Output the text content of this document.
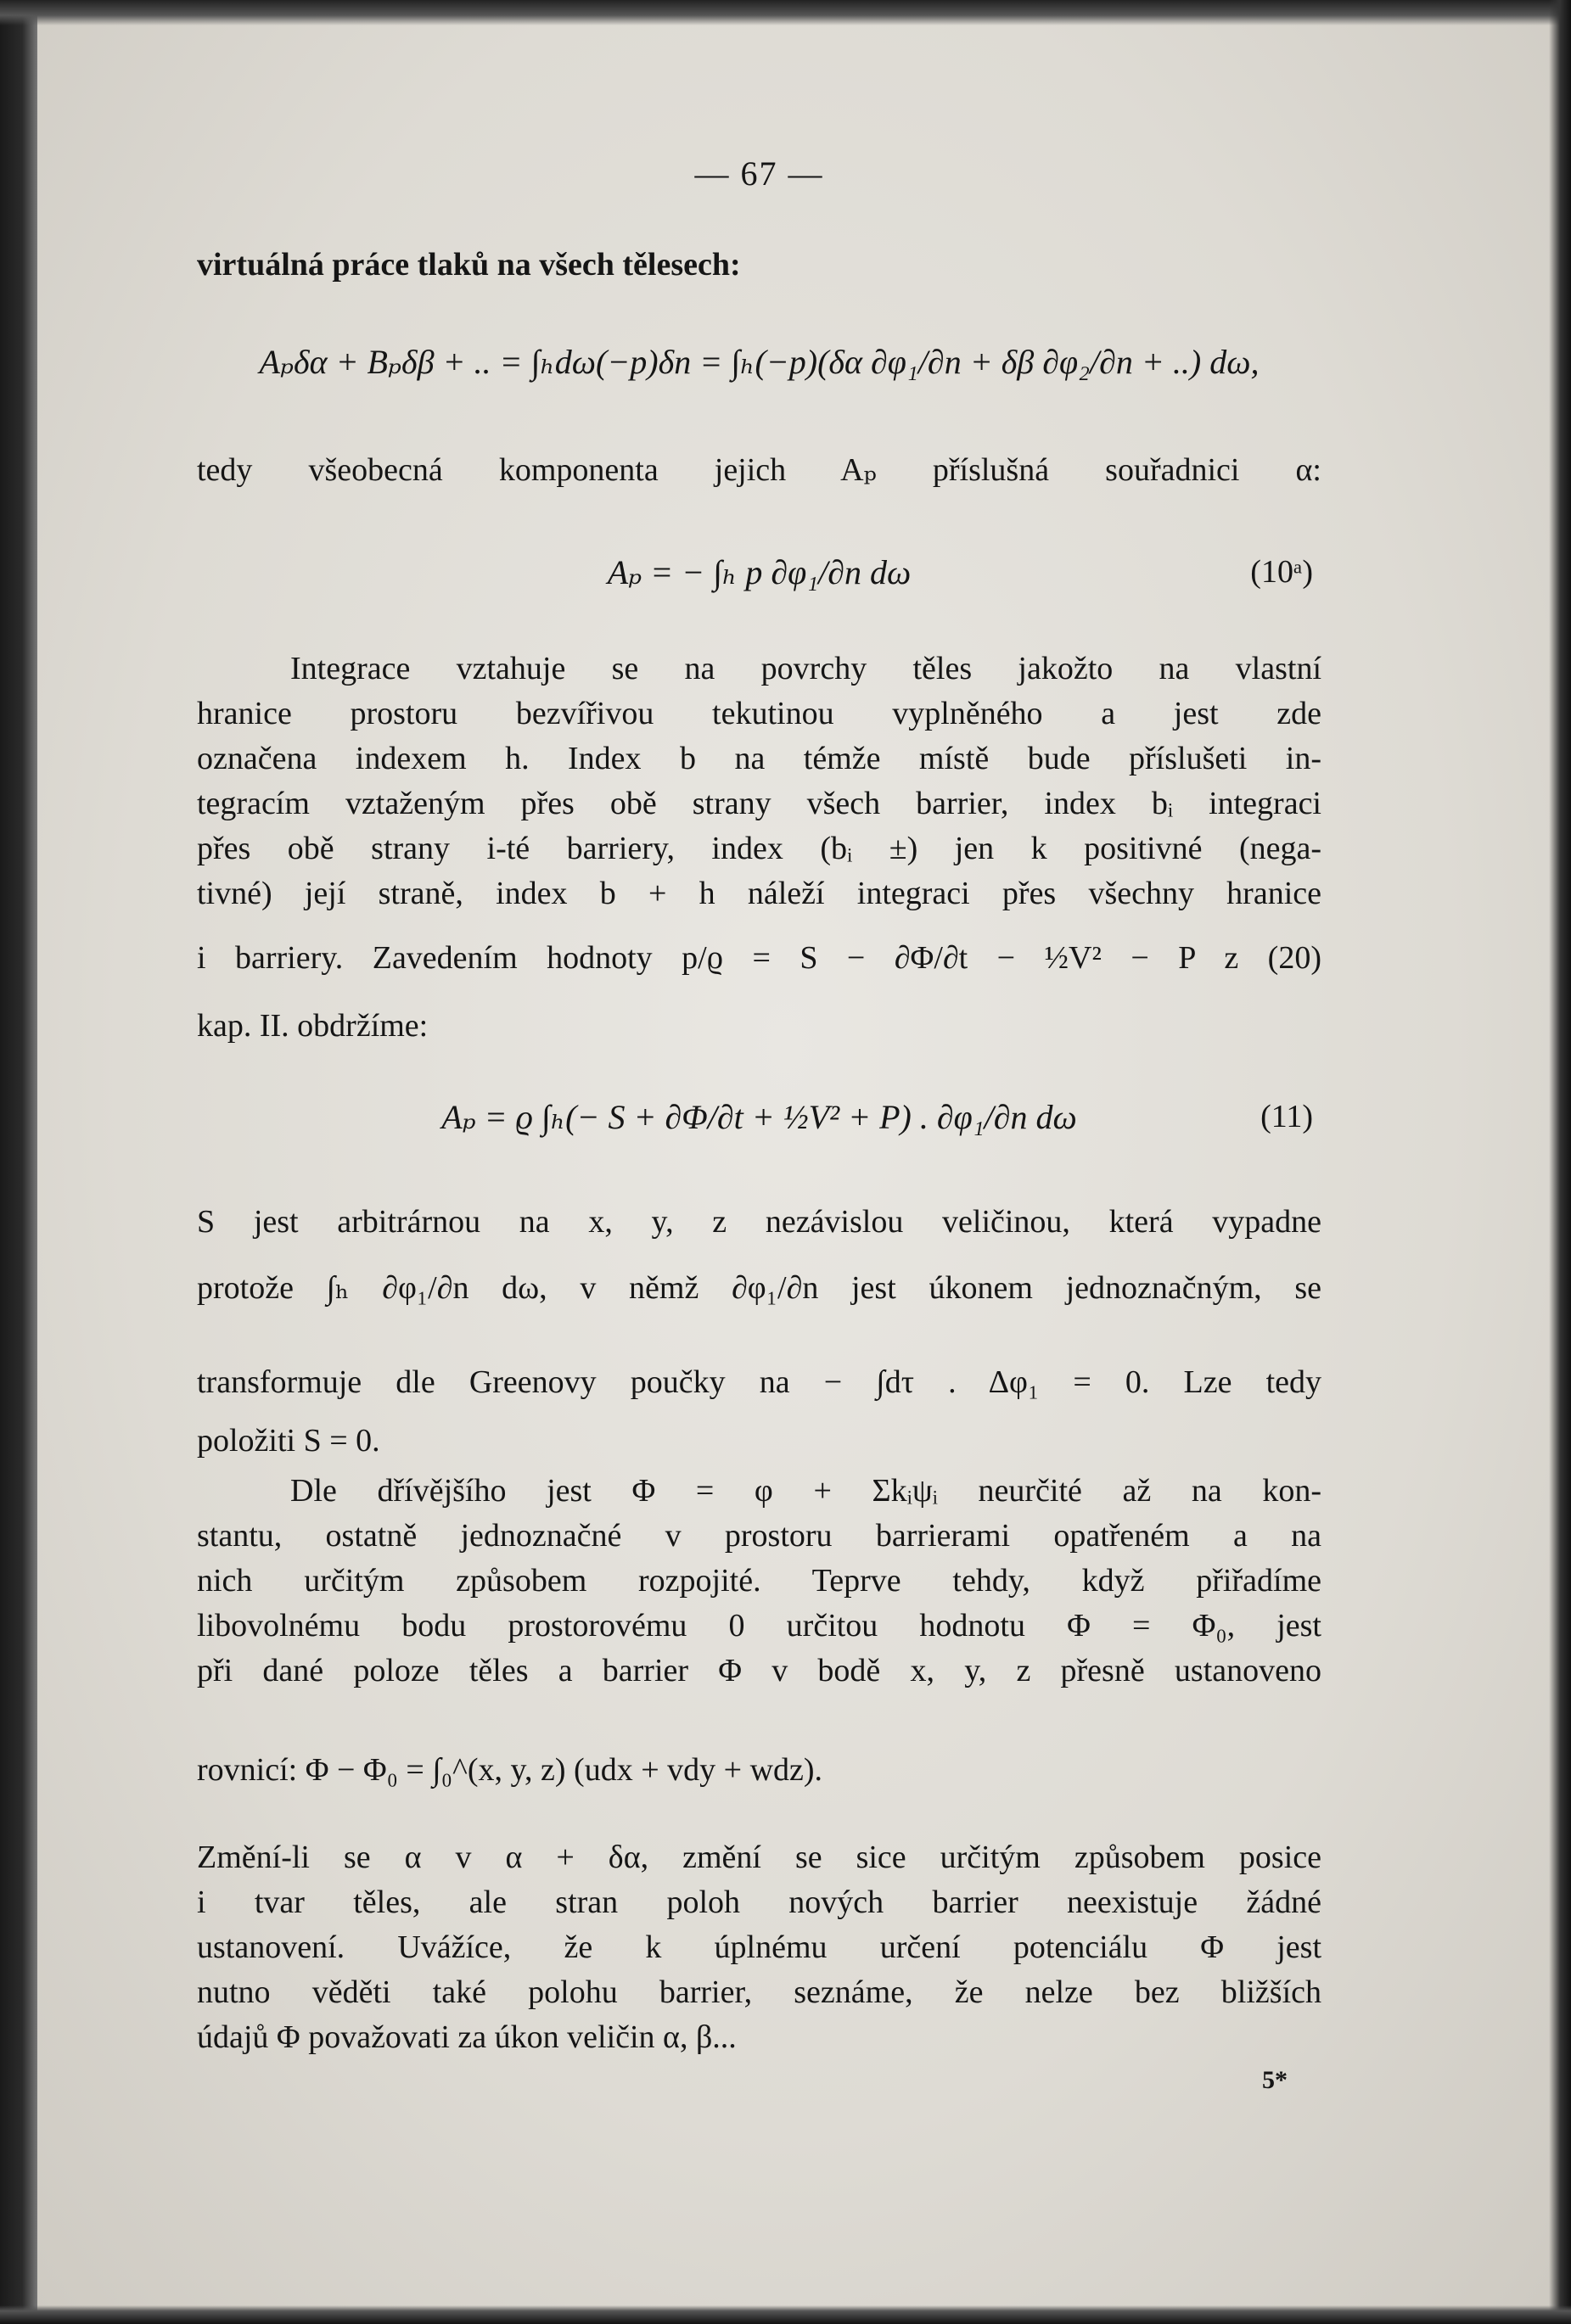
— 67 —
virtuálná práce tlaků na všech tělesech:
Aₚδα + Bₚδβ + .. = ∫ₕdω(−p)δn = ∫ₕ(−p)(δα ∂φ₁/∂n + δβ ∂φ₂/∂n + ..) dω,
tedy všeobecná komponenta jejich Aₚ příslušná souřadnici α:
Aₚ = − ∫ₕ p ∂φ₁/∂n dω	(10ᵃ)
Integrace vztahuje se na povrchy těles jakožto na vlastní
hranice prostoru bezvířivou tekutinou vyplněného a jest zde
označena indexem h. Index b na témže místě bude příslušeti in-
tegracím vztaženým přes obě strany všech barrier, index bᵢ integraci
přes obě strany i-té barriery, index (bᵢ ±) jen k positivné (nega-
tivné) její straně, index b + h náleží integraci přes všechny hranice
i barriery. Zavedením hodnoty p/ϱ = S − ∂Φ/∂t − ½V² − P z (20)
kap. II. obdržíme:
Aₚ = ϱ ∫ₕ(− S + ∂Φ/∂t + ½V² + P) . ∂φ₁/∂n dω	(11)
S jest arbitrárnou na x, y, z nezávislou veličinou, která vypadne
protože ∫ₕ ∂φ₁/∂n dω, v němž ∂φ₁/∂n jest úkonem jednoznačným, se
transformuje dle Greenovy poučky na − ∫dτ . Δφ₁ = 0. Lze tedy
položiti S = 0.
Dle dřívějšího jest Φ = φ + Σkᵢψᵢ neurčité až na kon-
stantu, ostatně jednoznačné v prostoru barrierami opatřeném a na
nich určitým způsobem rozpojité. Teprve tehdy, když přiřadíme
libovolnému bodu prostorovému 0 určitou hodnotu Φ = Φ₀, jest
při dané poloze těles a barrier Φ v bodě x, y, z přesně ustanoveno
rovnicí: Φ − Φ₀ = ∫₀^(x, y, z) (udx + vdy + wdz).
Změní-li se α v α + δα, změní se sice určitým způsobem posice
i tvar těles, ale stran poloh nových barrier neexistuje žádné
ustanovení. Uvážíce, že k úplnému určení potenciálu Φ jest
nutno věděti také polohu barrier, seznáme, že nelze bez bližších
údajů Φ považovati za úkon veličin α, β...
5*
